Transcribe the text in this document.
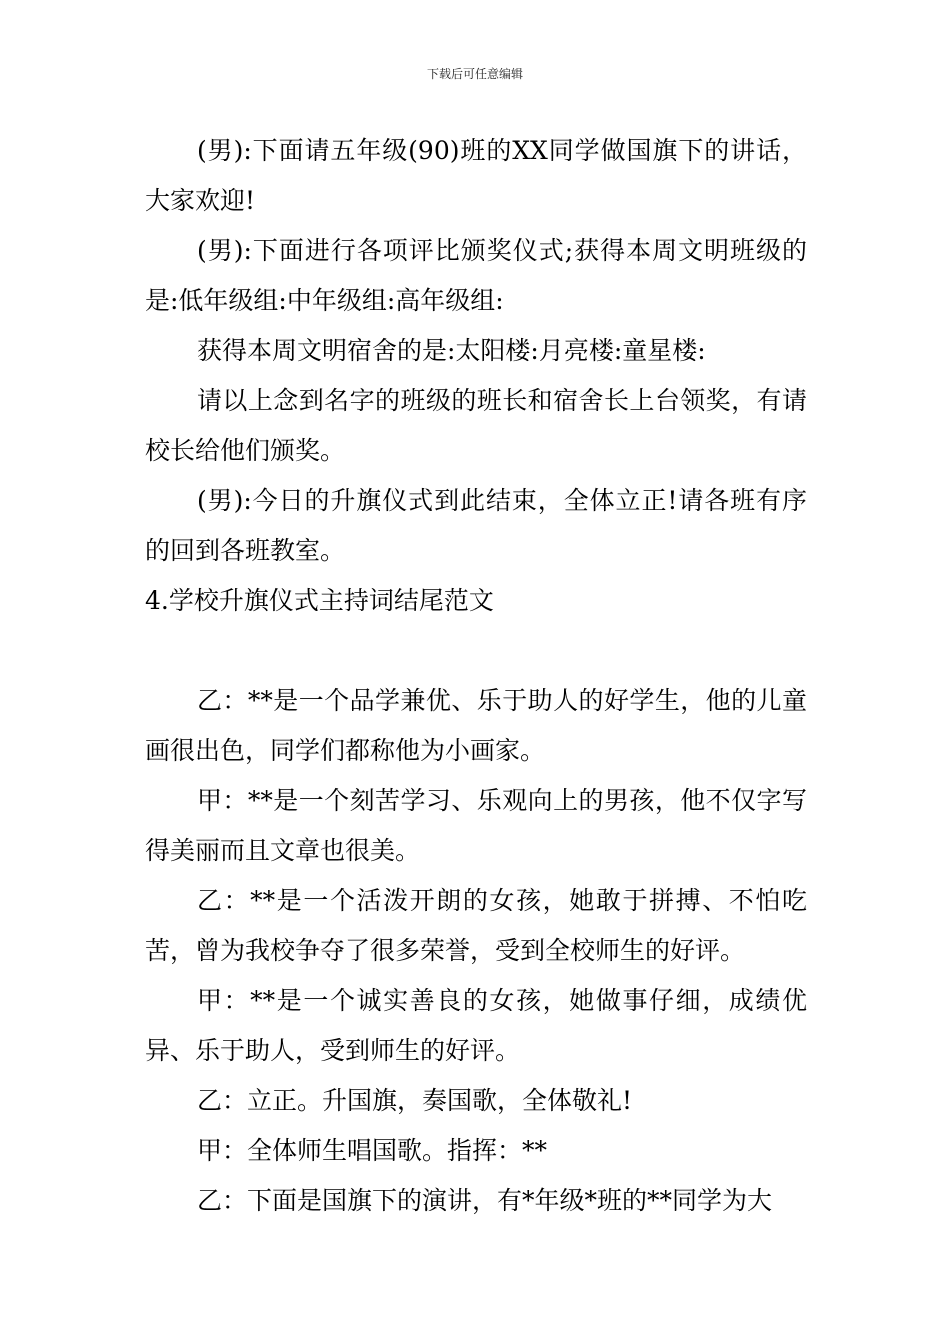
下载后可任意编辑

(男):下面请五年级(90)班的XX同学做国旗下的讲话，大家欢迎!

(男):下面进行各项评比颁奖仪式;获得本周文明班级的是:低年级组:中年级组:高年级组:

获得本周文明宿舍的是:太阳楼:月亮楼:童星楼:

请以上念到名字的班级的班长和宿舍长上台领奖，有请校长给他们颁奖。

(男):今日的升旗仪式到此结束，全体立正!请各班有序的回到各班教室。

4.学校升旗仪式主持词结尾范文

乙：**是一个品学兼优、乐于助人的好学生，他的儿童画很出色，同学们都称他为小画家。

甲：**是一个刻苦学习、乐观向上的男孩，他不仅字写得美丽而且文章也很美。

乙：**是一个活泼开朗的女孩，她敢于拼搏、不怕吃苦，曾为我校争夺了很多荣誉，受到全校师生的好评。

甲：**是一个诚实善良的女孩，她做事仔细，成绩优异、乐于助人，受到师生的好评。

乙：立正。升国旗，奏国歌，全体敬礼!

甲：全体师生唱国歌。指挥：**

乙：下面是国旗下的演讲，有*年级*班的**同学为大
